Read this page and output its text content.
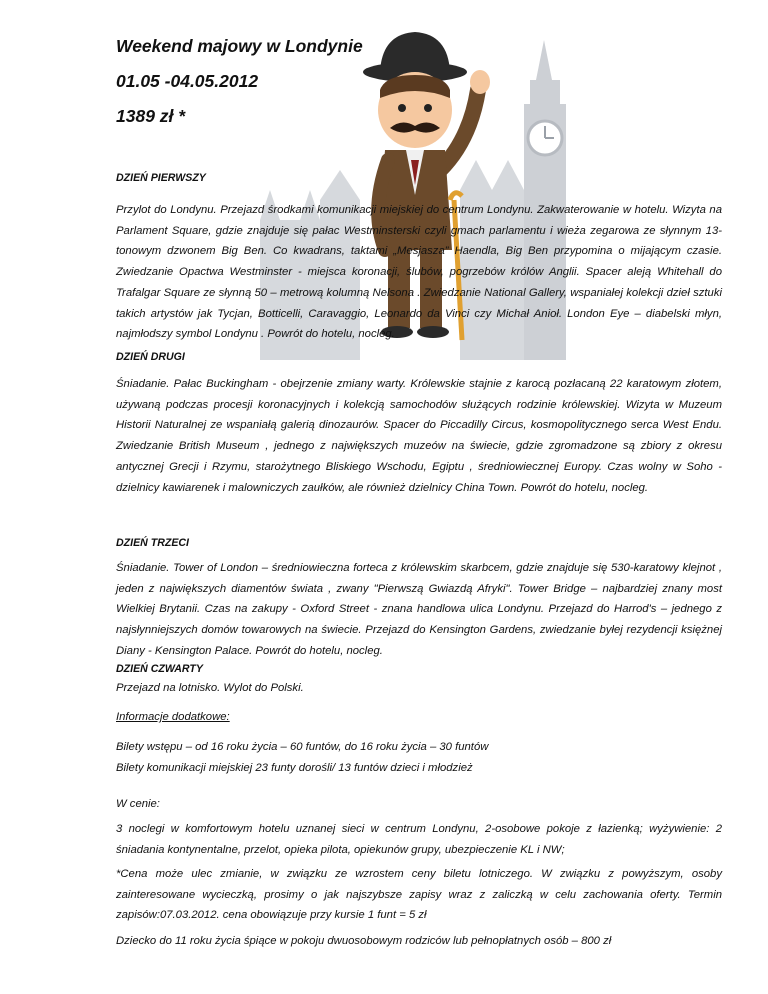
Weekend majowy w Londynie
01.05 -04.05.2012
1389 zł *
DZIEŃ PIERWSZY

Przylot do Londynu. Przejazd środkami komunikacji miejskiej do centrum Londynu. Zakwaterowanie w hotelu. Wizyta na Parlament Square, gdzie znajduje się pałac Westminsterski czyli gmach parlamentu i wieża zegarowa ze słynnym 13-tonowym dzwonem Big Ben. Co kwadrans, taktami „Mesjasza” Haendla, Big Ben przypomina o mijającym czasie. Zwiedzanie Opactwa Westminster - miejsca koronacji, ślubów, pogrzebów królów Anglii. Spacer aleją Whitehall do Trafalgar Square ze słynną 50 – metrową kolumną Nelsona . Zwiedzanie National Gallery, wspaniałej kolekcji dzieł sztuki takich artystów jak Tycjan, Botticelli, Caravaggio, Leonardo da Vinci czy Michał Anioł. London Eye – diabelski młyn, najmłodszy symbol Londynu . Powrót do hotelu, nocleg.

DZIEŃ DRUGI

Śniadanie. Pałac Buckingham - obejrzenie zmiany warty. Królewskie stajnie z karocą pozłacaną 22 karatowym złotem, używaną podczas procesji koronacyjnych i kolekcją samochodów służących rodzinie królewskiej. Wizyta w Muzeum Historii Naturalnej ze wspaniałą galerią dinozaurów. Spacer do Piccadilly Circus, kosmopolitycznego serca West Endu. Zwiedzanie British Museum , jednego z największych muzeów na świecie, gdzie zgromadzone są zbiory z okresu antycznej Grecji i Rzymu, starożytnego Bliskiego Wschodu, Egiptu , średniowiecznej Europy. Czas wolny w Soho - dzielnicy kawiarenek i malowniczych zaułków, ale również dzielnicy China Town. Powrót do hotelu, nocleg.

DZIEŃ TRZECI

Śniadanie. Tower of London – średniowieczna forteca z królewskim skarbcem, gdzie znajduje się 530-karatowy klejnot , jeden z największych diamentów świata , zwany "Pierwszą Gwiazdą Afryki". Tower Bridge – najbardziej znany most Wielkiej Brytanii. Czas na zakupy - Oxford Street - znana handlowa ulica Londynu. Przejazd do Harrod's – jednego z najsłynniejszych domów towarowych na świecie. Przejazd do Kensington Gardens, zwiedzanie byłej rezydencji księżnej Diany - Kensington Palace. Powrót do hotelu, nocleg.

DZIEŃ CZWARTY

Przejazd na lotnisko. Wylot do Polski.

Informacje dodatkowe:

Bilety wstępu – od 16 roku życia – 60 funtów, do 16 roku życia – 30 funtów

Bilety komunikacji miejskiej 23 funty dorośli/ 13 funtów dzieci i młodzież

W cenie:

3 noclegi w komfortowym hotelu uznanej sieci w centrum Londynu, 2-osobowe pokoje z łazienką; wyżywienie: 2 śniadania kontynentalne, przelot, opieka pilota, opiekunów grupy, ubezpieczenie KL i NW;

*Cena może ulec zmianie, w związku ze wzrostem ceny biletu lotniczego. W związku z powyższym, osoby zainteresowane wycieczką, prosimy o jak najszybsze zapisy wraz z zaliczką w celu zachowania oferty. Termin zapisów:07.03.2012. cena obowiązuje przy kursie 1 funt = 5 zł

Dziecko do 11 roku życia śpiące w pokoju dwuosobowym rodziców lub pełnopłatnych osób – 800 zł
